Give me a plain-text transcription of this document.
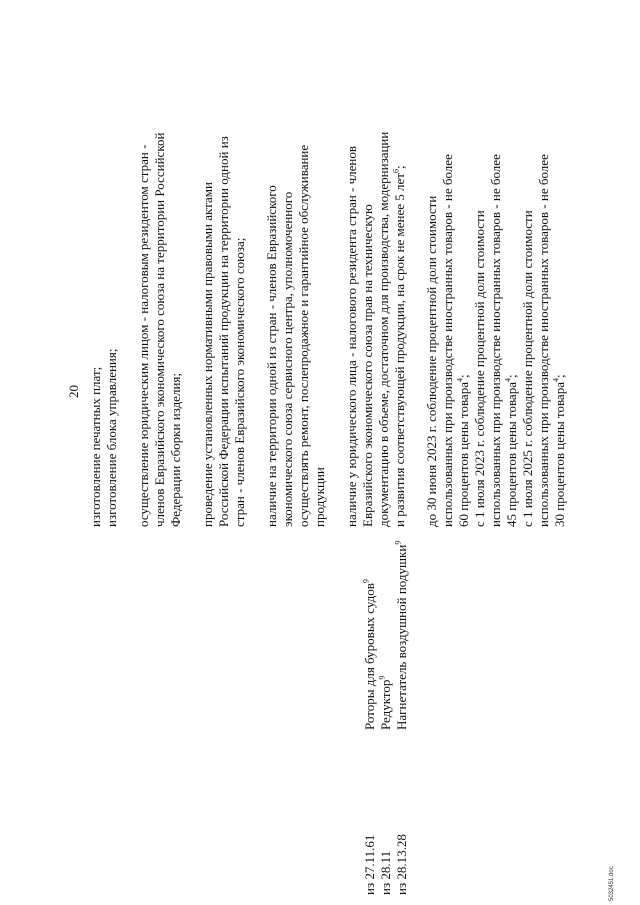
20
5032451.doc
из 27.11.61 из 28.11 из 28.13.28
Роторы для буровых судов$^9$
Редуктор$^9$ Нагнетатель воздушной подушки$^9$
изготовление печатных плат; изготовление блока управления; осуществление юридическим лицом - налоговым резидентом стран - членов Евразийского экономического союза на территории Российской Федерации сборки изделия; проведение установленных нормативными правовыми актами Российской Федерации испытаний продукции на территории одной из стран - членов Евразийского экономического союза; наличие на территории одной из стран - членов Евразийского экономического союза сервисного центра, уполномоченного осуществлять ремонт, послепродажное и гарантийное обслуживание продукции наличие у юридического лица - налогового резидента стран - членов Евразийского экономического союза прав на техническую документацию в объеме, достаточном для производства, модернизации и развития соответствующей продукции, на срок не менее 5 лет$^6$;
до 30 июня 2023 г. соблюдение процентной доли стоимости использованных при производстве иностранных товаров - не более 60 процентов цены товара$^4$; с 1 июля 2023 г. соблюдение процентной доли стоимости использованных при производстве иностранных товаров - не более 45 процентов цены товара$^4$; с 1 июля 2025 г. соблюдение процентной доли стоимости использованных при производстве иностранных товаров - не более 30 процентов цены товара$^4$;
